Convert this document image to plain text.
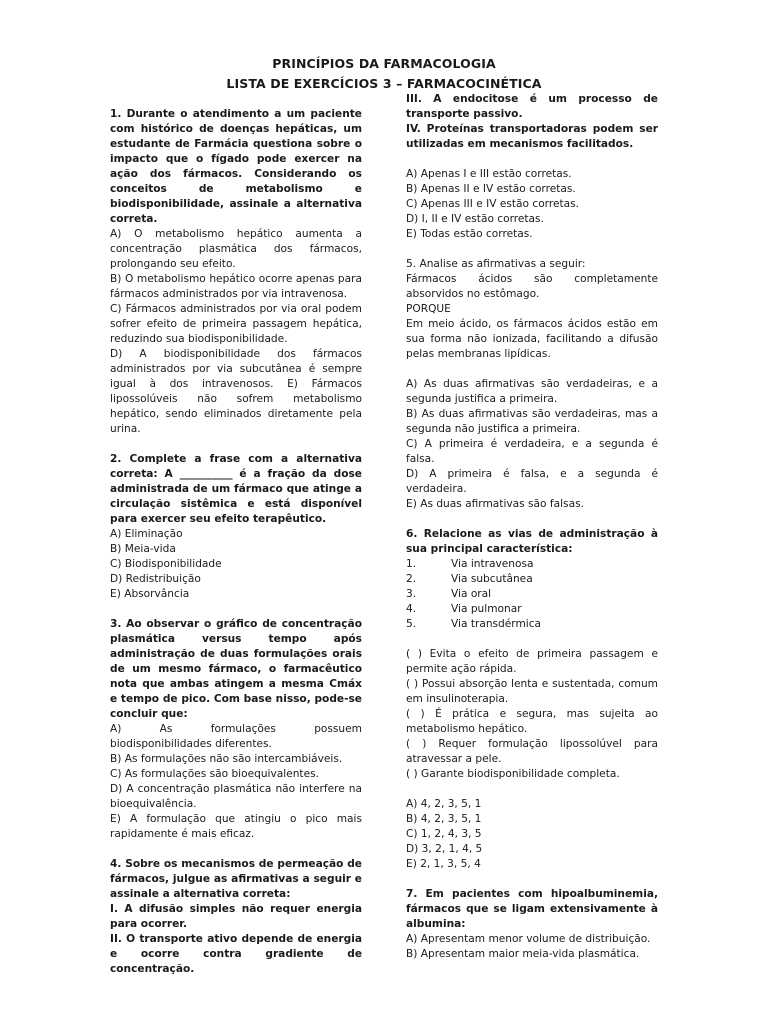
PRINCÍPIOS DA FARMACOLOGIA
LISTA DE EXERCÍCIOS 3 – FARMACOCINÉTICA

1. Durante o atendimento a um paciente com histórico de doenças hepáticas, um estudante de Farmácia questiona sobre o impacto que o fígado pode exercer na ação dos fármacos. Considerando os conceitos de metabolismo e biodisponibilidade, assinale a alternativa correta.

A) O metabolismo hepático aumenta a concentração plasmática dos fármacos, prolongando seu efeito.

B) O metabolismo hepático ocorre apenas para fármacos administrados por via intravenosa.

C) Fármacos administrados por via oral podem sofrer efeito de primeira passagem hepática, reduzindo sua biodisponibilidade.

D) A biodisponibilidade dos fármacos administrados por via subcutânea é sempre igual à dos intravenosos. E) Fármacos lipossolúveis não sofrem metabolismo hepático, sendo eliminados diretamente pela urina.

2. Complete a frase com a alternativa correta: A __________ é a fração da dose administrada de um fármaco que atinge a circulação sistêmica e está disponível para exercer seu efeito terapêutico.

A) Eliminação

B) Meia-vida

C) Biodisponibilidade

D) Redistribuição

E) Absorvância

3. Ao observar o gráfico de concentração plasmática versus tempo após administração de duas formulações orais de um mesmo fármaco, o farmacêutico nota que ambas atingem a mesma Cmáx e tempo de pico. Com base nisso, pode-se concluir que:

A) As formulações possuem biodisponibilidades diferentes.

B) As formulações não são intercambiáveis.

C) As formulações são bioequivalentes.

D) A concentração plasmática não interfere na bioequivalência.

E) A formulação que atingiu o pico mais rapidamente é mais eficaz.

4. Sobre os mecanismos de permeação de fármacos, julgue as afirmativas a seguir e assinale a alternativa correta:

I. A difusão simples não requer energia para ocorrer.

II. O transporte ativo depende de energia e ocorre contra gradiente de concentração.

III. A endocitose é um processo de transporte passivo.

IV. Proteínas transportadoras podem ser utilizadas em mecanismos facilitados.

A) Apenas I e III estão corretas.

B) Apenas II e IV estão corretas.

C) Apenas III e IV estão corretas.

D) I, II e IV estão corretas.

E) Todas estão corretas.

5. Analise as afirmativas a seguir:

Fármacos ácidos são completamente absorvidos no estômago.

PORQUE

Em meio ácido, os fármacos ácidos estão em sua forma não ionizada, facilitando a difusão pelas membranas lipídicas.

A) As duas afirmativas são verdadeiras, e a segunda justifica a primeira.

B) As duas afirmativas são verdadeiras, mas a segunda não justifica a primeira.

C) A primeira é verdadeira, e a segunda é falsa.

D) A primeira é falsa, e a segunda é verdadeira.

E) As duas afirmativas são falsas.

6. Relacione as vias de administração à sua principal característica:

1.	Via intravenosa
2.	Via subcutânea
3.	Via oral
4.	Via pulmonar
5.	Via transdérmica

( ) Evita o efeito de primeira passagem e permite ação rápida.

( ) Possui absorção lenta e sustentada, comum em insulinoterapia.

( ) É prática e segura, mas sujeita ao metabolismo hepático.

( ) Requer formulação lipossolúvel para atravessar a pele.

( ) Garante biodisponibilidade completa.

A) 4, 2, 3, 5, 1

B) 4, 2, 3, 5, 1

C) 1, 2, 4, 3, 5

D) 3, 2, 1, 4, 5

E) 2, 1, 3, 5, 4

7. Em pacientes com hipoalbuminemia, fármacos que se ligam extensivamente à albumina:

A) Apresentam menor volume de distribuição.

B) Apresentam maior meia-vida plasmática.
